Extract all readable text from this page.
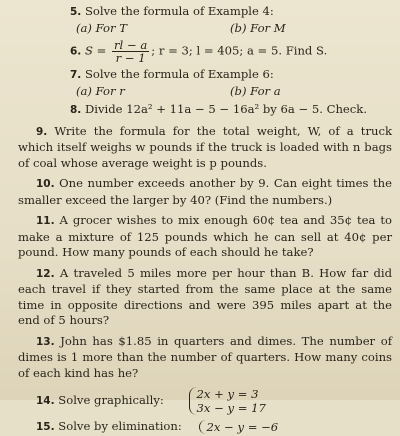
5. Solve the formula of Example 4:
(a) For T	(b) For M
6. $S = \frac{rl - a}{r - 1}$ ; r = 3; l = 405; a = 5. Find S.
7. Solve the formula of Example 6:
(a) For r	(b) For a
8. Divide 12a² + 11a − 5 − 16a² by 6a − 5. Check.
9. Write the formula for the total weight, W, of a truck which itself weighs w pounds if the truck is loaded with n bags of coal whose average weight is p pounds.
10. One number exceeds another by 9. Can eight times the smaller exceed the larger by 40? (Find the numbers.)
11. A grocer wishes to mix enough 60¢ tea and 35¢ tea to make a mixture of 125 pounds which he can sell at 40¢ per pound. How many pounds of each should he take?
12. A traveled 5 miles more per hour than B. How far did each travel if they started from the same place at the same time in opposite directions and were 395 miles apart at the end of 5 hours?
13. John has $1.85 in quarters and dimes. The number of dimes is 1 more than the number of quarters. How many coins of each kind has he?
14. Solve graphically:	2x + y = 3
3x − y = 17
15. Solve by elimination: 2x − y = −6
